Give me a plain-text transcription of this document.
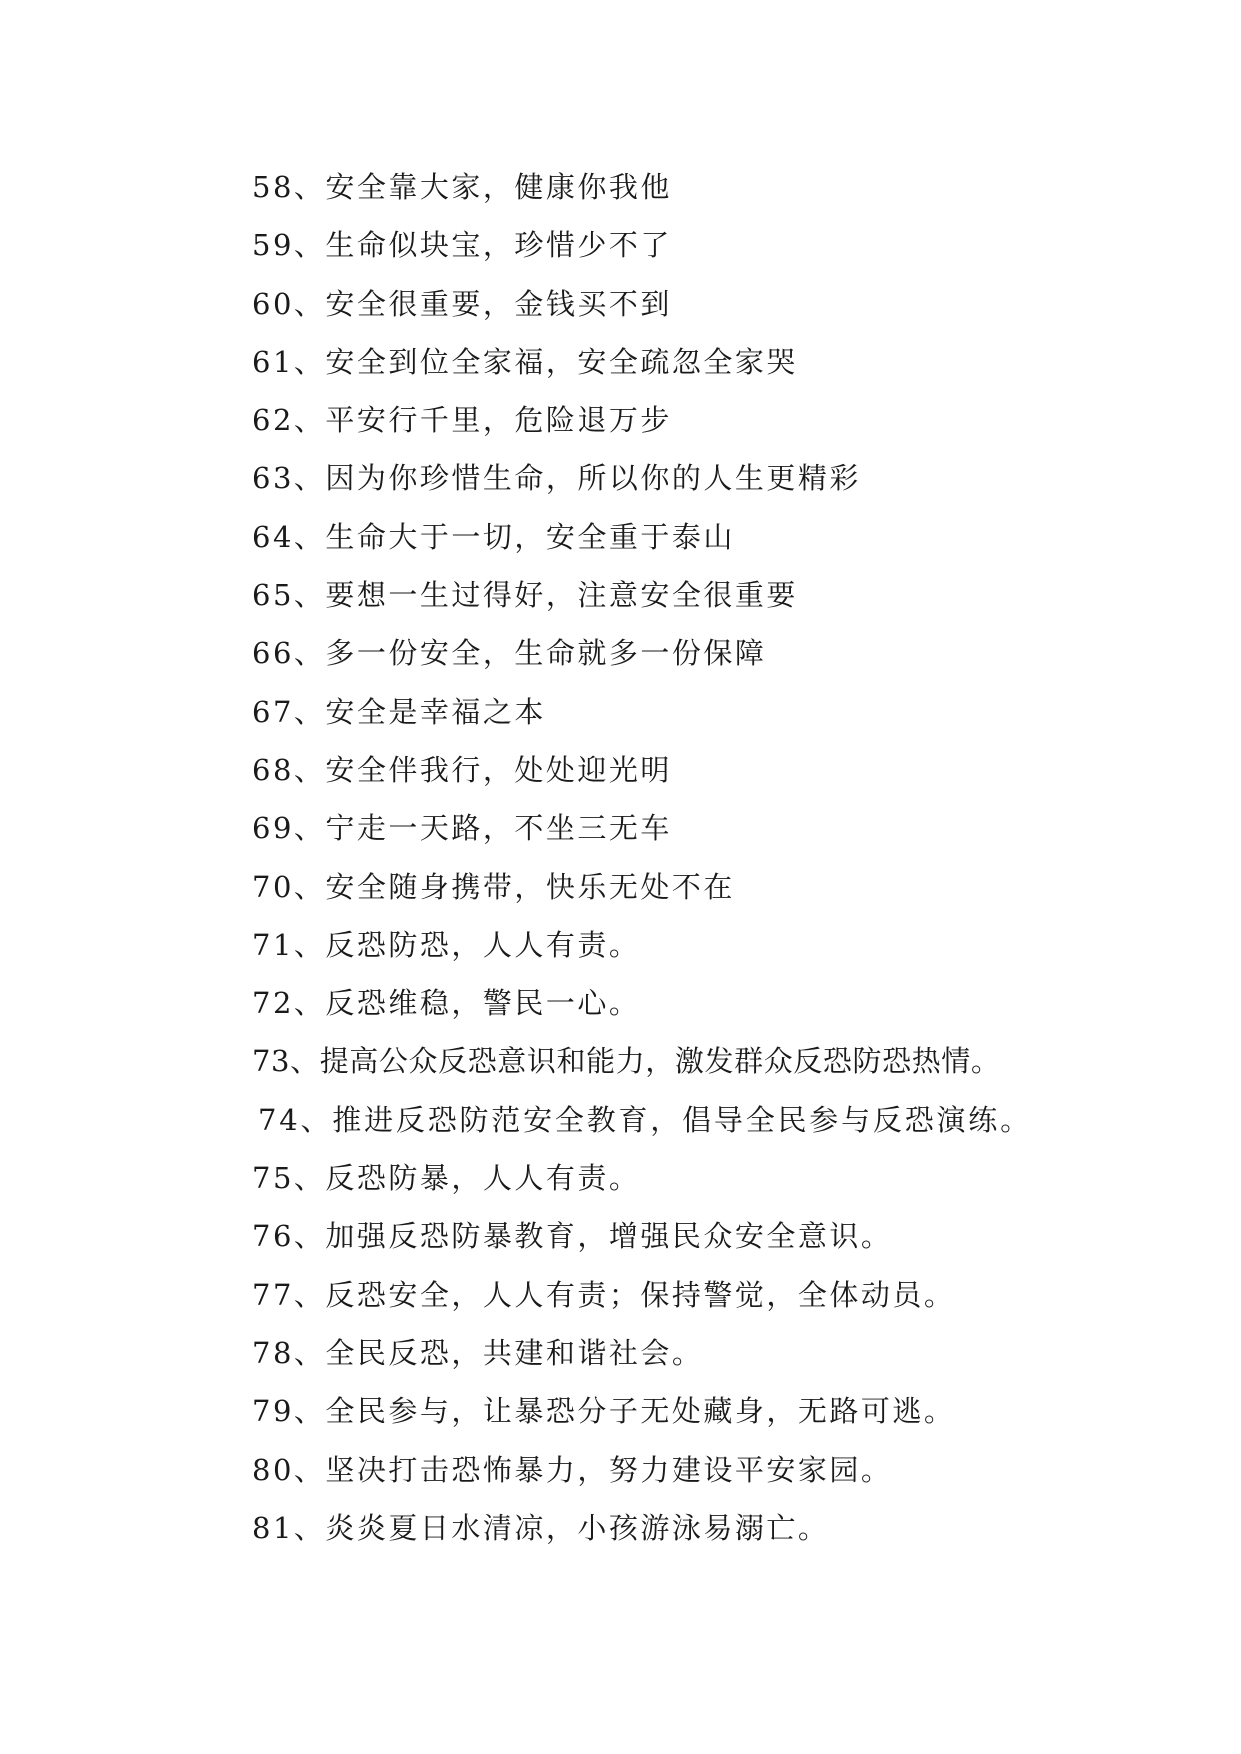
58、安全靠大家，健康你我他
59、生命似块宝，珍惜少不了
60、安全很重要，金钱买不到
61、安全到位全家福，安全疏忽全家哭
62、平安行千里，危险退万步
63、因为你珍惜生命，所以你的人生更精彩
64、生命大于一切，安全重于泰山
65、要想一生过得好，注意安全很重要
66、多一份安全，生命就多一份保障
67、安全是幸福之本
68、安全伴我行，处处迎光明
69、宁走一天路，不坐三无车
70、安全随身携带，快乐无处不在
71、反恐防恐，人人有责。
72、反恐维稳，警民一心。
73、提高公众反恐意识和能力，激发群众反恐防恐热情。
74、推进反恐防范安全教育，倡导全民参与反恐演练。
75、反恐防暴，人人有责。
76、加强反恐防暴教育，增强民众安全意识。
77、反恐安全，人人有责；保持警觉，全体动员。
78、全民反恐，共建和谐社会。
79、全民参与，让暴恐分子无处藏身，无路可逃。
80、坚决打击恐怖暴力，努力建设平安家园。
81、炎炎夏日水清凉，小孩游泳易溺亡。
